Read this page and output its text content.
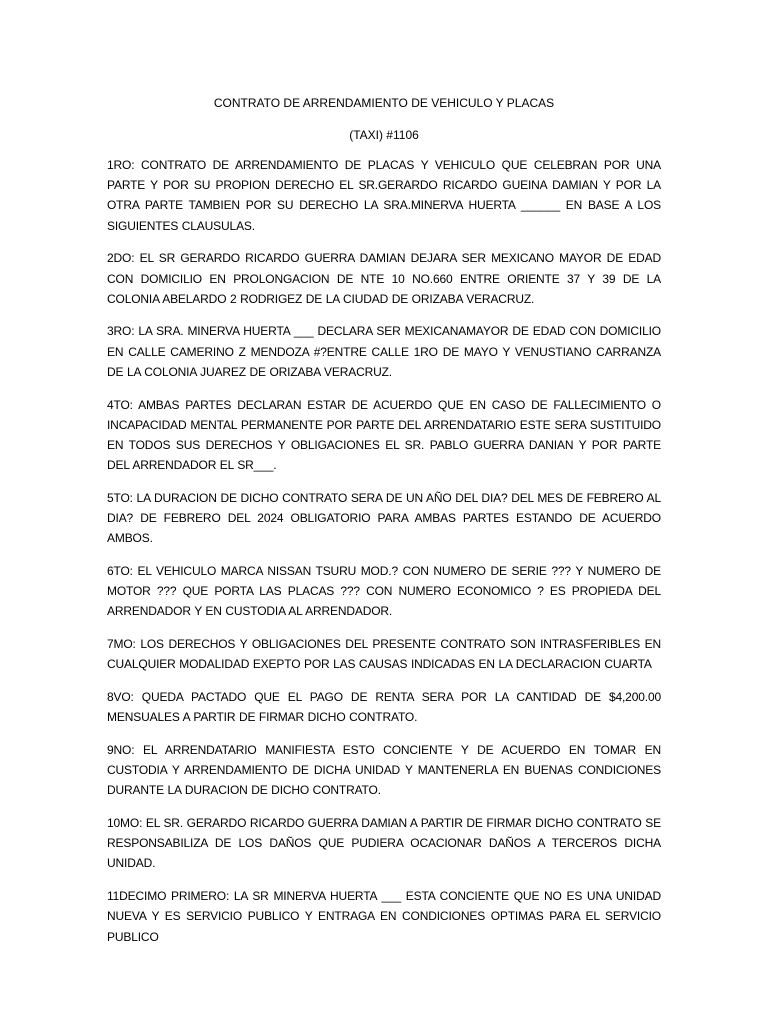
CONTRATO DE ARRENDAMIENTO DE VEHICULO Y PLACAS

(TAXI) #1106

1RO: CONTRATO DE ARRENDAMIENTO DE PLACAS Y VEHICULO QUE CELEBRAN POR UNA PARTE Y POR SU PROPION DERECHO EL SR.GERARDO RICARDO GUEINA DAMIAN Y POR LA OTRA PARTE TAMBIEN POR SU DERECHO LA SRA.MINERVA HUERTA ______ EN BASE A LOS SIGUIENTES CLAUSULAS.

2DO: EL SR GERARDO RICARDO GUERRA DAMIAN DEJARA SER MEXICANO MAYOR DE EDAD CON DOMICILIO EN PROLONGACION DE NTE 10 NO.660 ENTRE ORIENTE 37 Y 39 DE LA COLONIA ABELARDO 2 RODRIGEZ DE LA CIUDAD DE ORIZABA VERACRUZ.

3RO: LA SRA. MINERVA HUERTA ___ DECLARA SER MEXICANAMAYOR DE EDAD CON DOMICILIO EN CALLE CAMERINO Z MENDOZA #?ENTRE CALLE 1RO DE MAYO Y VENUSTIANO CARRANZA DE LA COLONIA JUAREZ DE ORIZABA VERACRUZ.

4TO: AMBAS PARTES DECLARAN ESTAR DE ACUERDO QUE EN CASO DE FALLECIMIENTO O INCAPACIDAD MENTAL PERMANENTE POR PARTE DEL ARRENDATARIO ESTE SERA SUSTITUIDO EN TODOS SUS DERECHOS Y OBLIGACIONES EL SR. PABLO GUERRA DANIAN Y POR PARTE DEL ARRENDADOR EL SR___.

5TO: LA DURACION DE DICHO CONTRATO SERA DE UN AÑO DEL DIA? DEL MES DE FEBRERO AL DIA? DE FEBRERO DEL 2024 OBLIGATORIO PARA AMBAS PARTES ESTANDO DE ACUERDO AMBOS.

6TO: EL VEHICULO MARCA NISSAN TSURU MOD.? CON NUMERO DE SERIE ??? Y NUMERO DE MOTOR ??? QUE PORTA LAS PLACAS ??? CON NUMERO ECONOMICO ? ES PROPIEDA DEL ARRENDADOR Y EN CUSTODIA AL ARRENDADOR.

7MO: LOS DERECHOS Y OBLIGACIONES DEL PRESENTE CONTRATO SON INTRASFERIBLES EN CUALQUIER MODALIDAD EXEPTO POR LAS CAUSAS INDICADAS EN LA DECLARACION CUARTA

8VO: QUEDA PACTADO QUE EL PAGO DE RENTA SERA POR LA CANTIDAD DE $4,200.00 MENSUALES A PARTIR DE FIRMAR DICHO CONTRATO.

9NO: EL ARRENDATARIO MANIFIESTA ESTO CONCIENTE Y DE ACUERDO EN TOMAR EN CUSTODIA Y ARRENDAMIENTO DE DICHA UNIDAD Y MANTENERLA EN BUENAS CONDICIONES DURANTE LA DURACION DE DICHO CONTRATO.

10MO: EL SR. GERARDO RICARDO GUERRA DAMIAN A PARTIR DE FIRMAR DICHO CONTRATO SE RESPONSABILIZA DE LOS DAÑOS QUE PUDIERA OCACIONAR DAÑOS A TERCEROS DICHA UNIDAD.

11DECIMO PRIMERO: LA SR MINERVA HUERTA ___ ESTA CONCIENTE QUE NO ES UNA UNIDAD NUEVA Y ES SERVICIO PUBLICO Y ENTRAGA EN CONDICIONES OPTIMAS PARA EL SERVICIO PUBLICO
